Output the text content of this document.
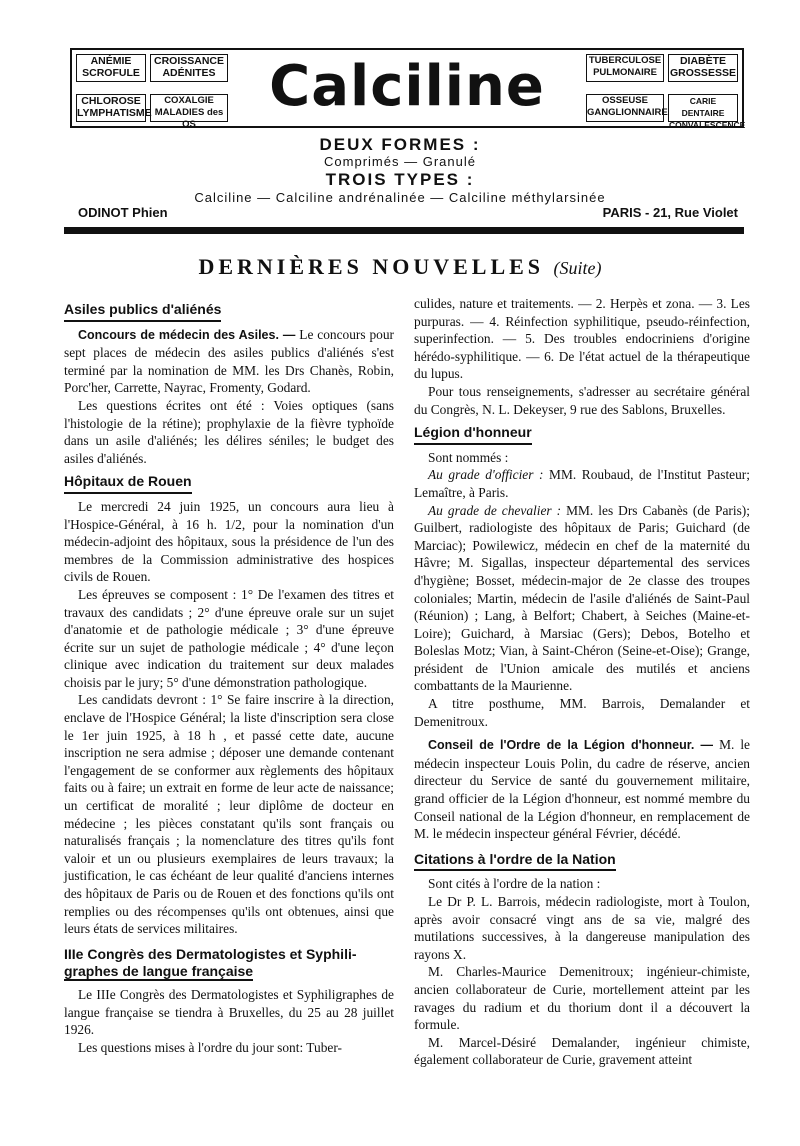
ANÉMIE
SCROFULE
CROISSANCE
ADÉNITES
CHLOROSE
LYMPHATISME
COXALGIE
MALADIES des OS
Calciline	TUBERCULOSE
PULMONAIRE
DIABÈTE
GROSSESSE
OSSEUSE
GANGLIONNAIRE
CARIE DENTAIRE
CONVALESCENCE
DEUX FORMES :
Comprimés — Granulé
TROIS TYPES :
Calciline — Calciline andrénalinée — Calciline méthylarsinée
ODINOT Phien	PARIS - 21, Rue Violet
DERNIÈRES NOUVELLES (Suite)
Asiles publics d'aliénés

Concours de médecin des Asiles. — Le concours pour sept places de médecin des asiles publics d'aliénés s'est terminé par la nomination de MM. les Drs Chanès, Robin, Porc'her, Carrette, Nayrac, Fromenty, Godard.

Les questions écrites ont été : Voies optiques (sans l'histologie de la rétine); prophylaxie de la fièvre typhoïde dans un asile d'aliénés; les délires séniles; le budget des asiles d'aliénés.

Hôpitaux de Rouen

Le mercredi 24 juin 1925, un concours aura lieu à l'Hospice-Général, à 16 h. 1/2, pour la nomination d'un médecin-adjoint des hôpitaux, sous la présidence de l'un des membres de la Commission administrative des hospices civils de Rouen.

Les épreuves se composent : 1° De l'examen des titres et travaux des candidats ; 2° d'une épreuve orale sur un sujet d'anatomie et de pathologie médicale ; 3° d'une épreuve écrite sur un sujet de pathologie médicale ; 4° d'une leçon clinique avec indication du traitement sur deux malades choisis par le jury; 5° d'une démonstration pathologique.

Les candidats devront : 1° Se faire inscrire à la direction, enclave de l'Hospice Général; la liste d'inscription sera close le 1er juin 1925, à 18 h , et passé cette date, aucune inscription ne sera admise ; déposer une demande contenant l'engagement de se conformer aux règlements des hôpitaux faits ou à faire; un extrait en forme de leur acte de naissance; un certificat de moralité ; leur diplôme de docteur en médecine ; les pièces constatant qu'ils sont français ou naturalisés français ; la nomenclature des titres qu'ils font valoir et un ou plusieurs exemplaires de leurs travaux; la justification, le cas échéant de leur qualité d'anciens internes des hôpitaux de Paris ou de Rouen et des fonctions qu'ils ont remplies ou des récompenses qu'ils ont obtenues, ainsi que leurs états de services militaires.

IIIe Congrès des Dermatologistes et Syphili-
graphes de langue française

Le IIIe Congrès des Dermatologistes et Syphiligraphes de langue française se tiendra à Bruxelles, du 25 au 28 juillet 1926.

Les questions mises à l'ordre du jour sont: Tuber-

culides, nature et traitements. — 2. Herpès et zona. — 3. Les purpuras. — 4. Réinfection syphilitique, pseudo-réinfection, superinfection. — 5. Des troubles endocriniens d'origine hérédo-syphilitique. — 6. De l'état actuel de la thérapeutique du lupus.

Pour tous renseignements, s'adresser au secrétaire général du Congrès, N. L. Dekeyser, 9 rue des Sablons, Bruxelles.

Légion d'honneur

Sont nommés :

Au grade d'officier : MM. Roubaud, de l'Institut Pasteur; Lemaître, à Paris.

Au grade de chevalier : MM. les Drs Cabanès (de Paris); Guilbert, radiologiste des hôpitaux de Paris; Guichard (de Marciac); Powilewicz, médecin en chef de la maternité du Hâvre; M. Sigallas, inspecteur départemental des services d'hygiène; Bosset, médecin-major de 2e classe des troupes coloniales; Martin, médecin de l'asile d'aliénés de Saint-Paul (Réunion) ; Lang, à Belfort; Chabert, à Seiches (Maine-et-Loire); Guichard, à Marsiac (Gers); Debos, Botelho et Boleslas Motz; Vian, à Saint-Chéron (Seine-et-Oise); Grange, président de l'Union amicale des mutilés et anciens combattants de la Maurienne.

A titre posthume, MM. Barrois, Demalander et Demenitroux.

Conseil de l'Ordre de la Légion d'honneur. — M. le médecin inspecteur Louis Polin, du cadre de réserve, ancien directeur du Service de santé du gouvernement militaire, grand officier de la Légion d'honneur, est nommé membre du Conseil national de la Légion d'honneur, en remplacement de M. le médecin inspecteur général Février, décédé.

Citations à l'ordre de la Nation

Sont cités à l'ordre de la nation :

Le Dr P. L. Barrois, médecin radiologiste, mort à Toulon, après avoir consacré vingt ans de sa vie, malgré des mutilations successives, à la dangereuse manipulation des rayons X.

M. Charles-Maurice Demenitroux; ingénieur-chimiste, ancien collaborateur de Curie, mortellement atteint par les ravages du radium et du thorium dont il a découvert la formule.

M. Marcel-Désiré Demalander, ingénieur chimiste, également collaborateur de Curie, gravement atteint
